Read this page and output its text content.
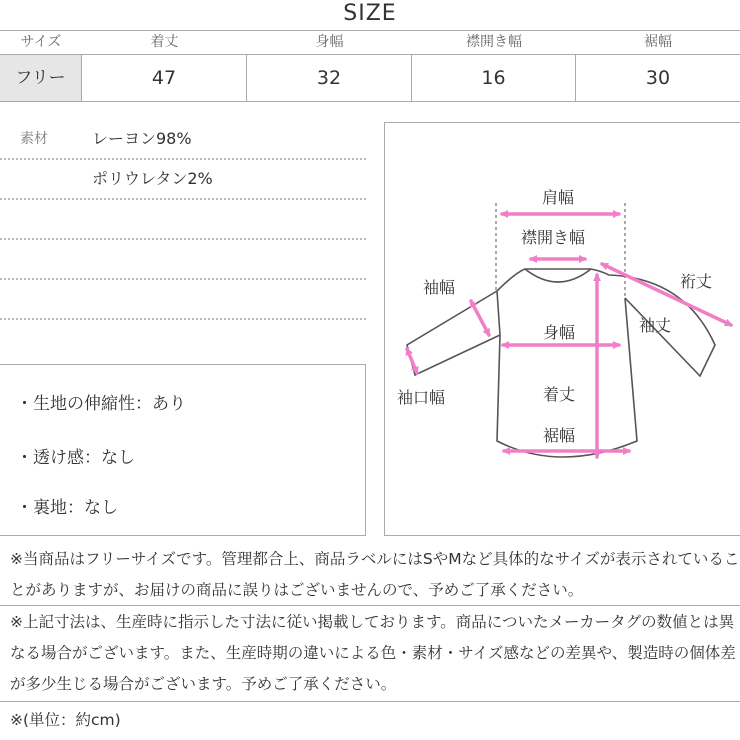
SIZE
サイズ	着丈	身幅	襟開き幅	裾幅
フリー	47	32	16	30
素材	レーヨン98%
ポリウレタン2%
・生地の伸縮性：あり
・透け感：なし
・裏地：なし
肩幅
襟開き幅
裄丈
袖幅
袖丈
身幅
袖口幅	着丈
裾幅
※当商品はフリーサイズです。管理都合上、商品ラベルにはSやMなど具体的なサイズが表示されていることがありますが、お届けの商品に誤りはございませんので、予めご了承ください。
※上記寸法は、生産時に指示した寸法に従い掲載しております。商品についたメーカータグの数値とは異なる場合がございます。また、生産時期の違いによる色・素材・サイズ感などの差異や、製造時の個体差が多少生じる場合がございます。予めご了承ください。
※(単位：約cm)
